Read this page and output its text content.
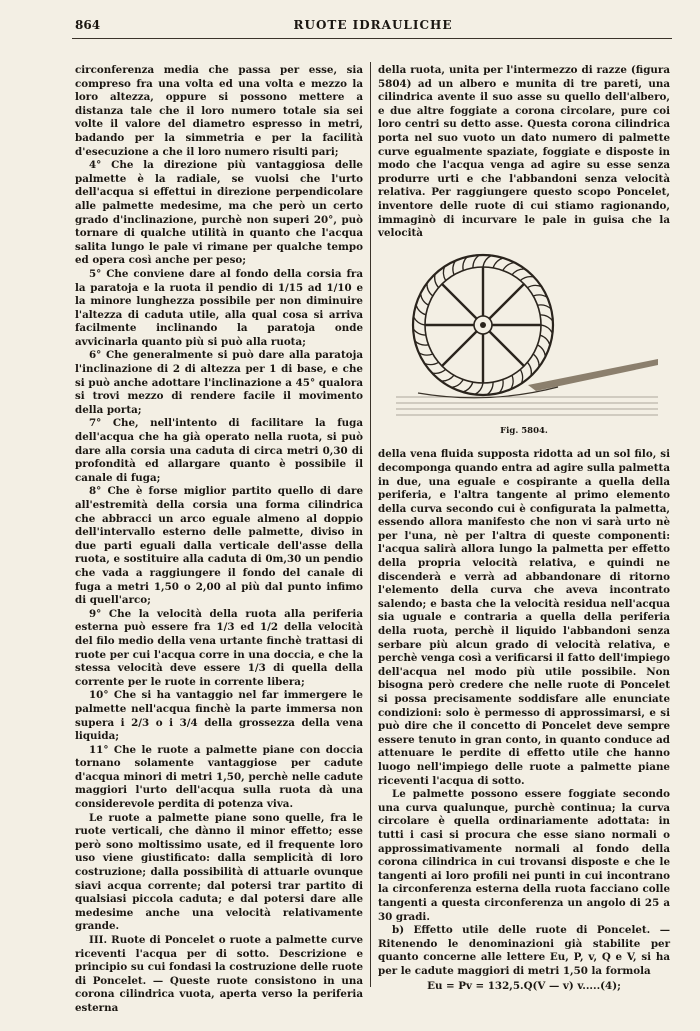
864	RUOTE IDRAULICHE

circonferenza media che passa per esse, sia compreso fra una volta ed una volta e mezzo la loro altezza, oppure si possono mettere a distanza tale che il loro numero totale sia sei volte il valore del diametro espresso in metri, badando per la simmetria e per la facilità d'esecuzione a che il loro numero risulti pari;

4° Che la direzione più vantaggiosa delle palmette è la radiale, se vuolsi che l'urto dell'acqua si effettui in direzione perpendicolare alle palmette medesime, ma che però un certo grado d'inclinazione, purchè non superi 20°, può tornare di qualche utilità in quanto che l'acqua salita lungo le pale vi rimane per qualche tempo ed opera così anche per peso;

5° Che conviene dare al fondo della corsia fra la paratoja e la ruota il pendio di 1/15 ad 1/10 e la minore lunghezza possibile per non diminuire l'altezza di caduta utile, alla qual cosa si arriva facilmente inclinando la paratoja onde avvicinarla quanto più si può alla ruota;

6° Che generalmente si può dare alla paratoja l'inclinazione di 2 di altezza per 1 di base, e che si può anche adottare l'inclinazione a 45° qualora si trovi mezzo di rendere facile il movimento della porta;

7° Che, nell'intento di facilitare la fuga dell'acqua che ha già operato nella ruota, si può dare alla corsia una caduta di circa metri 0,30 di profondità ed allargare quanto è possibile il canale di fuga;

8° Che è forse miglior partito quello di dare all'estremità della corsia una forma cilindrica che abbracci un arco eguale almeno al doppio dell'intervallo esterno delle palmette, diviso in due parti eguali dalla verticale dell'asse della ruota, e sostituire alla caduta di 0m,30 un pendio che vada a raggiungere il fondo del canale di fuga a metri 1,50 o 2,00 al più dal punto infimo di quell'arco;

9° Che la velocità della ruota alla periferia esterna può essere fra 1/3 ed 1/2 della velocità del filo medio della vena urtante finchè trattasi di ruote per cui l'acqua corre in una doccia, e che la stessa velocità deve essere 1/3 di quella della corrente per le ruote in corrente libera;

10° Che si ha vantaggio nel far immergere le palmette nell'acqua finchè la parte immersa non supera i 2/3 o i 3/4 della grossezza della vena liquida;

11° Che le ruote a palmette piane con doccia tornano solamente vantaggiose per cadute d'acqua minori di metri 1,50, perchè nelle cadute maggiori l'urto dell'acqua sulla ruota dà una considerevole perdita di potenza viva.

Le ruote a palmette piane sono quelle, fra le ruote verticali, che dànno il minor effetto; esse però sono moltissimo usate, ed il frequente loro uso viene giustificato: dalla semplicità di loro costruzione; dalla possibilità di attuarle ovunque siavi acqua corrente; dal potersi trar partito di qualsiasi piccola caduta; e dal potersi dare alle medesime anche una velocità relativamente grande.

III. Ruote di Poncelet o ruote a palmette curve riceventi l'acqua per di sotto. Descrizione e principio su cui fondasi la costruzione delle ruote di Poncelet. — Queste ruote consistono in una corona cilindrica vuota, aperta verso la periferia esterna

della ruota, unita per l'intermezzo di razze (figura 5804) ad un albero e munita di tre pareti, una cilindrica avente il suo asse su quello dell'albero, e due altre foggiate a corona circolare, pure coi loro centri su detto asse. Questa corona cilindrica porta nel suo vuoto un dato numero di palmette curve egualmente spaziate, foggiate e disposte in modo che l'acqua venga ad agire su esse senza produrre urti e che l'abbandoni senza velocità relativa. Per raggiungere questo scopo Poncelet, inventore delle ruote di cui stiamo ragionando, immaginò di incurvare le pale in guisa che la velocità

Fig. 5804.

della vena fluida supposta ridotta ad un sol filo, si decomponga quando entra ad agire sulla palmetta in due, una eguale e cospirante a quella della periferia, e l'altra tangente al primo elemento della curva secondo cui è configurata la palmetta, essendo allora manifesto che non vi sarà urto nè per l'una, nè per l'altra di queste componenti: l'acqua salirà allora lungo la palmetta per effetto della propria velocità relativa, e quindi ne discenderà e verrà ad abbandonare di ritorno l'elemento della curva che aveva incontrato salendo; e basta che la velocità residua nell'acqua sia uguale e contraria a quella della periferia della ruota, perchè il liquido l'abbandoni senza serbare più alcun grado di velocità relativa, e perchè venga così a verificarsi il fatto dell'impiego dell'acqua nel modo più utile possibile. Non bisogna però credere che nelle ruote di Poncelet si possa precisamente soddisfare alle enunciate condizioni: solo è permesso di approssimarsi, e si può dire che il concetto di Poncelet deve sempre essere tenuto in gran conto, in quanto conduce ad attenuare le perdite di effetto utile che hanno luogo nell'impiego delle ruote a palmette piane riceventi l'acqua di sotto.

Le palmette possono essere foggiate secondo una curva qualunque, purchè continua; la curva circolare è quella ordinariamente adottata: in tutti i casi si procura che esse siano normali o approssimativamente normali al fondo della corona cilindrica in cui trovansi disposte e che le tangenti ai loro profili nei punti in cui incontrano la circonferenza esterna della ruota facciano colle tangenti a questa circonferenza un angolo di 25 a 30 gradi.

b) Effetto utile delle ruote di Poncelet. — Ritenendo le denominazioni già stabilite per quanto concerne alle lettere Eu, P, v, Q e V, si ha per le cadute maggiori di metri 1,50 la formola

Eu = Pv = 132,5.Q(V — v) v.....(4);
